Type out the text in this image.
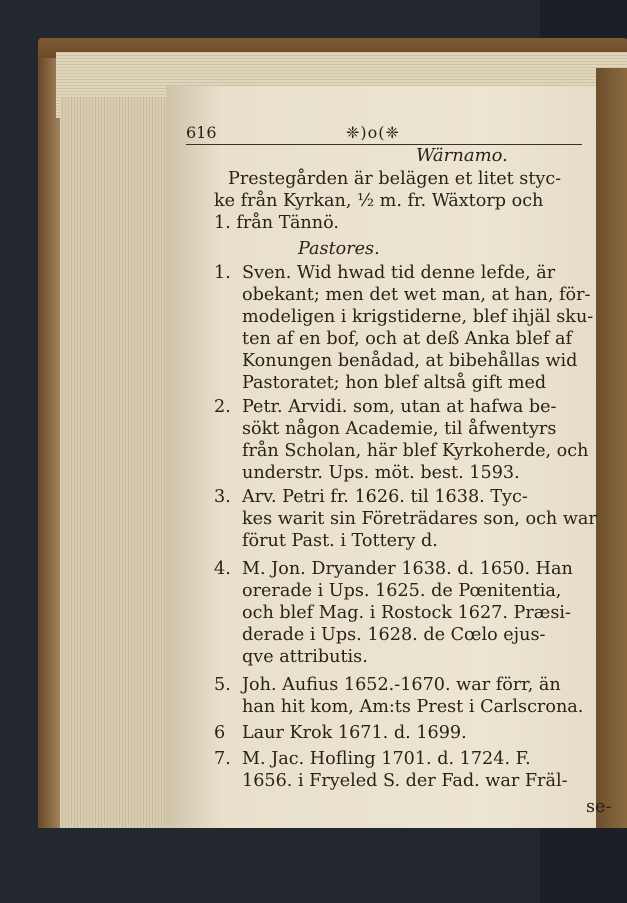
616	❈)o(❈
Wärnamo.
Prestegården är belägen et litet styc-
ke från Kyrkan, ½ m. fr. Wäxtorp och
1. från Tännö.
Pastores.
1. Sven. Wid hwad tid denne lefde, är
obekant; men det wet man, at han, för-
modeligen i krigstiderne, blef ihjäl sku-
ten af en bof, och at deß Anka blef af
Konungen benådad, at bibehållas wid
Pastoratet; hon blef altså gift med
2. Petr. Arvidi. som, utan at hafwa be-
sökt någon Academie, til åfwentyrs
från Scholan, här blef Kyrkoherde, och
understr. Ups. möt. best. 1593.
3. Arv. Petri fr. 1626. til 1638. Tyc-
kes warit sin Företrädares son, och war
förut Past. i Tottery d.
4. M. Jon. Dryander 1638. d. 1650. Han
orerade i Ups. 1625. de Pœnitentia,
och blef Mag. i Rostock 1627. Præsi-
derade i Ups. 1628. de Cœlo ejus-
qve attributis.
5. Joh. Aufius 1652.-1670. war förr, än
han hit kom, Am:ts Prest i Carlscrona.
6 Laur Krok 1671. d. 1699.
7. M. Jac. Hofling 1701. d. 1724. F.
1656. i Fryeled S. der Fad. war Fräl-
se-
